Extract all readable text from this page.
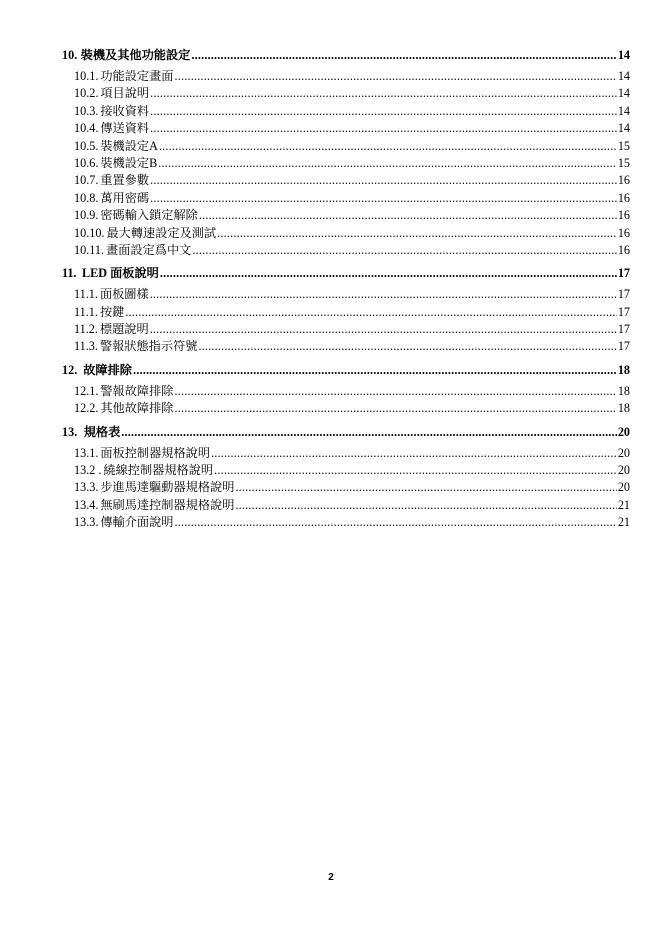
10. 裝機及其他功能設定 .....	14
10.1. 功能設定畫面 .....	14
10.2. 項目說明 .....	14
10.3. 接收資料 .....	14
10.4. 傳送資料 .....	14
10.5. 裝機設定A .....	15
10.6. 裝機設定B .....	15
10.7. 重置參數 .....	16
10.8. 萬用密碼 .....	16
10.9. 密碼輸入鎖定解除 .....	16
10.10. 最大轉速設定及測試 .....	16
10.11. 畫面設定爲中文 .....	16
11. LED 面板說明 .....	17
11.1. 面板圖樣 .....	17
11.1. 按鍵 .....	17
11.2. 標題說明 .....	17
11.3. 警報狀態指示符號 .....	17
12. 故障排除 .....	18
12.1. 警報故障排除 .....	18
12.2. 其他故障排除 .....	18
13. 規格表 .....	20
13.1. 面板控制器規格說明 .....	20
13.2 . 繞線控制器規格說明 .....	20
13.3. 步進馬達驅動器規格說明 .....	20
13.4. 無刷馬達控制器規格說明 .....	21
13.3. 傳輸介面說明 .....	21
2
